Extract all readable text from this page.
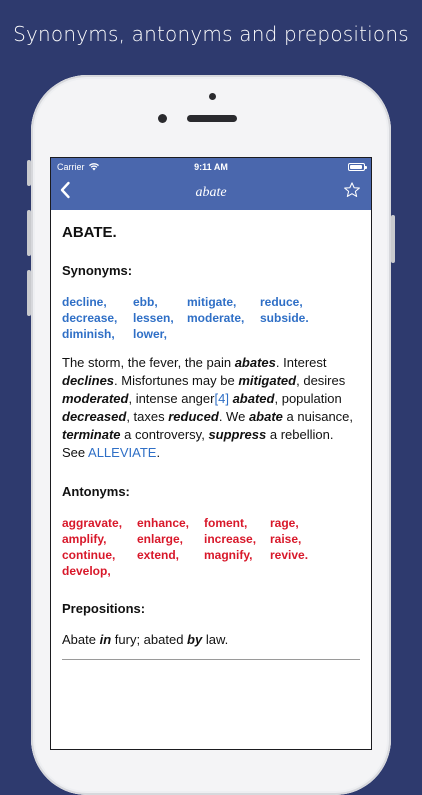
Synonyms, antonyms and prepositions
Carrier	9:11 AM
abate
ABATE.
Synonyms:
decline,	ebb,	mitigate,	reduce,
decrease,	lessen,	moderate,	subside.
diminish,	lower,
The storm, the fever, the pain abates. Interest declines. Misfortunes may be mitigated, desires moderated, intense anger[4] abated, population decreased, taxes reduced. We abate a nuisance, terminate a controversy, suppress a rebellion. See ALLEVIATE.
Antonyms:
aggravate,	enhance,	foment,	rage,
amplify,	enlarge,	increase,	raise,
continue,	extend,	magnify,	revive.
develop,
Prepositions:
Abate in fury; abated by law.
